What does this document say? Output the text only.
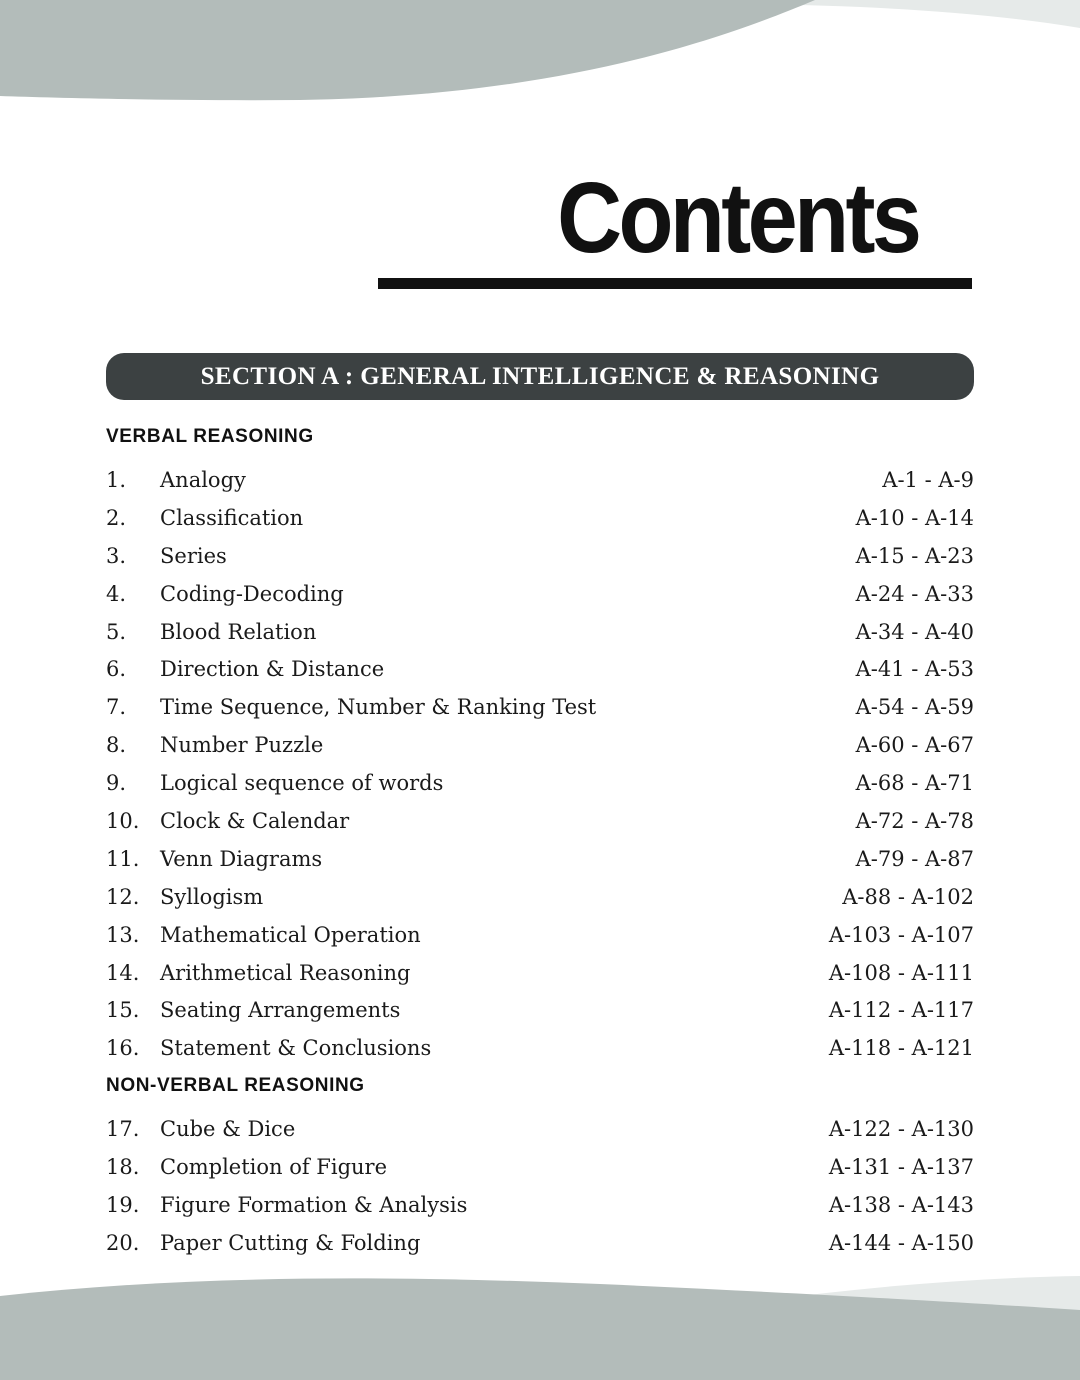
Contents
SECTION A : GENERAL INTELLIGENCE & REASONING
VERBAL REASONING
1. Analogy	A-1 - A-9
2. Classification	A-10 - A-14
3. Series	A-15 - A-23
4. Coding-Decoding	A-24 - A-33
5. Blood Relation	A-34 - A-40
6. Direction & Distance	A-41 - A-53
7. Time Sequence, Number & Ranking Test	A-54 - A-59
8. Number Puzzle	A-60 - A-67
9. Logical sequence of words	A-68 - A-71
10. Clock & Calendar	A-72 - A-78
11. Venn Diagrams	A-79 - A-87
12. Syllogism	A-88 - A-102
13. Mathematical Operation	A-103 - A-107
14. Arithmetical Reasoning	A-108 - A-111
15. Seating Arrangements	A-112 - A-117
16. Statement & Conclusions	A-118 - A-121
NON-VERBAL REASONING
17. Cube & Dice	A-122 - A-130
18. Completion of Figure	A-131 - A-137
19. Figure Formation & Analysis	A-138 - A-143
20. Paper Cutting & Folding	A-144 - A-150
